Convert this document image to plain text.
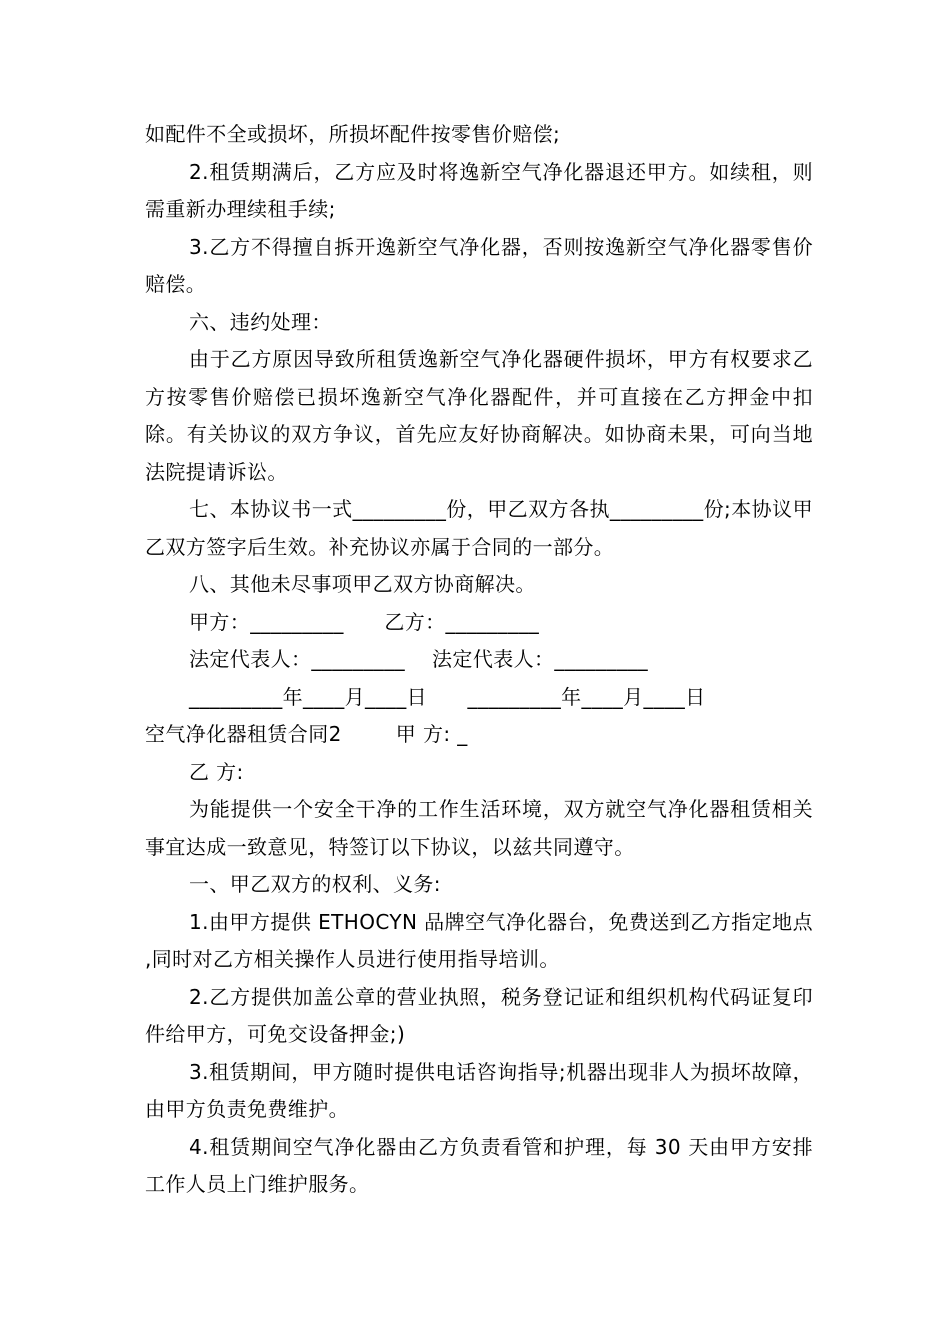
如配件不全或损坏，所损坏配件按零售价赔偿;

2.租赁期满后，乙方应及时将逸新空气净化器退还甲方。如续租，则需重新办理续租手续;

3.乙方不得擅自拆开逸新空气净化器，否则按逸新空气净化器零售价赔偿。

六、违约处理：

由于乙方原因导致所租赁逸新空气净化器硬件损坏，甲方有权要求乙方按零售价赔偿已损坏逸新空气净化器配件，并可直接在乙方押金中扣除。有关协议的双方争议，首先应友好协商解决。如协商未果，可向当地法院提请诉讼。

七、本协议书一式_________份，甲乙双方各执_________份;本协议甲乙双方签字后生效。补充协议亦属于合同的一部分。

八、其他未尽事项甲乙双方协商解决。

甲方：_________      乙方：_________

法定代表人：_________    法定代表人：_________

_________年____月____日      _________年____月____日

空气净化器租赁合同2        甲 方: _

乙 方:

为能提供一个安全干净的工作生活环境，双方就空气净化器租赁相关事宜达成一致意见，特签订以下协议，以兹共同遵守。

一、甲乙双方的权利、义务:

1.由甲方提供 ETHOCYN 品牌空气净化器台，免费送到乙方指定地点 ,同时对乙方相关操作人员进行使用指导培训。

2.乙方提供加盖公章的营业执照，税务登记证和组织机构代码证复印件给甲方，可免交设备押金;)

3.租赁期间，甲方随时提供电话咨询指导;机器出现非人为损坏故障，由甲方负责免费维护。

4.租赁期间空气净化器由乙方负责看管和护理，每 30 天由甲方安排工作人员上门维护服务。
